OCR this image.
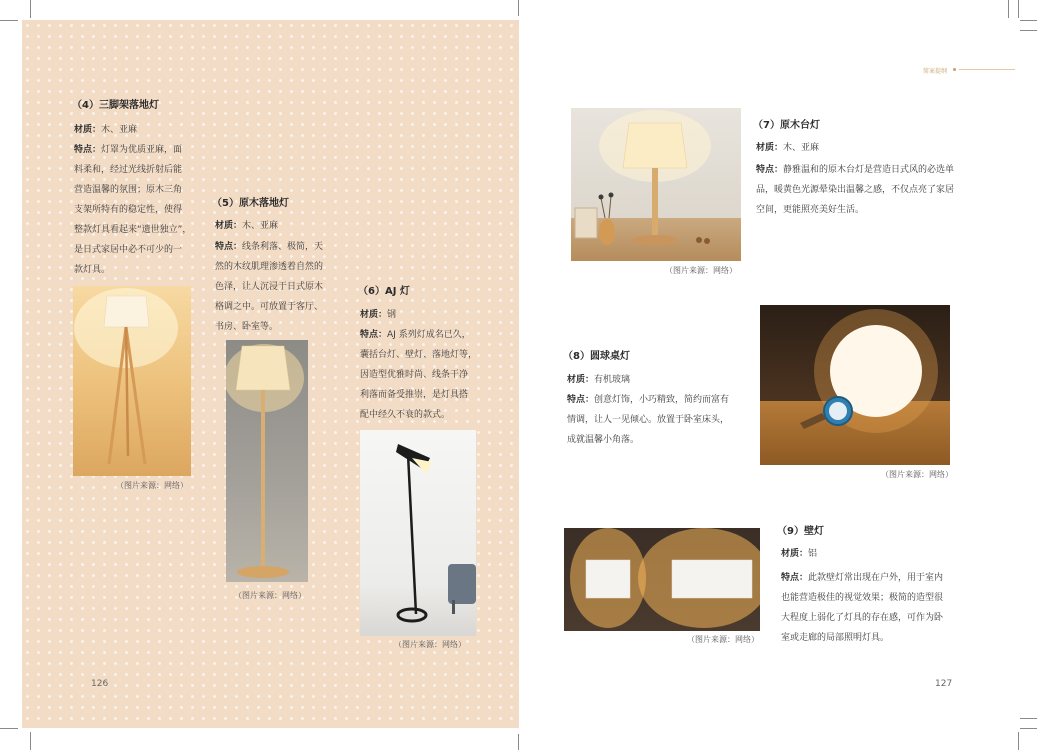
（4）三脚架落地灯
材质：木、亚麻
特点：灯罩为优质亚麻，面
料柔和，经过光线折射后能
营造温馨的氛围；原木三角
支架所特有的稳定性，使得
整款灯具看起来“遗世独立”，
是日式家居中必不可少的一
款灯具。
（图片来源：网络）
（5）原木落地灯
材质：木、亚麻
特点：线条利落、极简，天
然的木纹肌理渗透着自然的
色泽，让人沉浸于日式原木
格调之中。可放置于客厅、
书房、卧室等。
（图片来源：网络）
（6）AJ 灯
材质：钢
特点：AJ 系列灯成名已久，
囊括台灯、壁灯、落地灯等，
因造型优雅时尚、线条干净
利落而备受推崇，是灯具搭
配中经久不衰的款式。
（图片来源：网络）
126
简案提纲
（图片来源：网络）
（7）原木台灯
材质：木、亚麻
特点：静雅温和的原木台灯是营造日式风的必选单
品，暖黄色光源晕染出温馨之感，不仅点亮了家居
空间，更能照亮美好生活。
（8）圆球桌灯
材质：有机玻璃
特点：创意灯饰，小巧精致，简约而富有
情调，让人一见倾心。放置于卧室床头，
成就温馨小角落。
（图片来源：网络）
（图片来源：网络）
（9）壁灯
材质：铝
特点：此款壁灯常出现在户外，用于室内
也能营造极佳的视觉效果；极简的造型很
大程度上弱化了灯具的存在感，可作为卧
室或走廊的局部照明灯具。
127
